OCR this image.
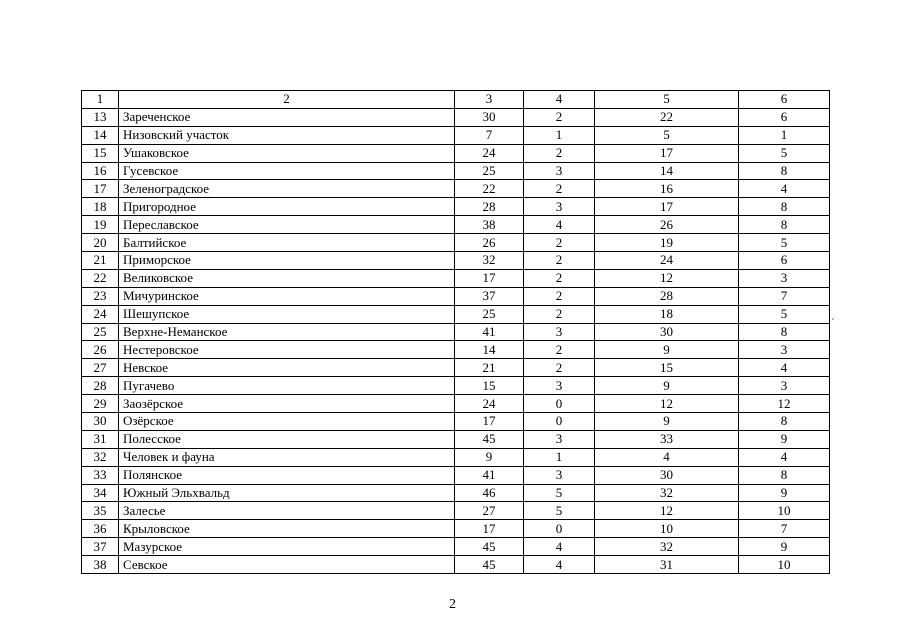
1	2	3	4	5	6
13	Зареченское	30	2	22	6
14	Низовский участок	7	1	5	1
15	Ушаковское	24	2	17	5
16	Гусевское	25	3	14	8
17	Зеленоградское	22	2	16	4
18	Пригородное	28	3	17	8
19	Переславское	38	4	26	8
20	Балтийское	26	2	19	5
21	Приморское	32	2	24	6
22	Великовское	17	2	12	3
23	Мичуринское	37	2	28	7
24	Шешупское	25	2	18	5
25	Верхне-Неманское	41	3	30	8
26	Нестеровское	14	2	9	3
27	Невское	21	2	15	4
28	Пугачево	15	3	9	3
29	Заозёрское	24	0	12	12
30	Озёрское	17	0	9	8
31	Полесское	45	3	33	9
32	Человек и фауна	9	1	4	4
33	Полянское	41	3	30	8
34	Южный Эльхвальд	46	5	32	9
35	Залесье	27	5	12	10
36	Крыловское	17	0	10	7
37	Мазурское	45	4	32	9
38	Севское	45	4	31	10
2
